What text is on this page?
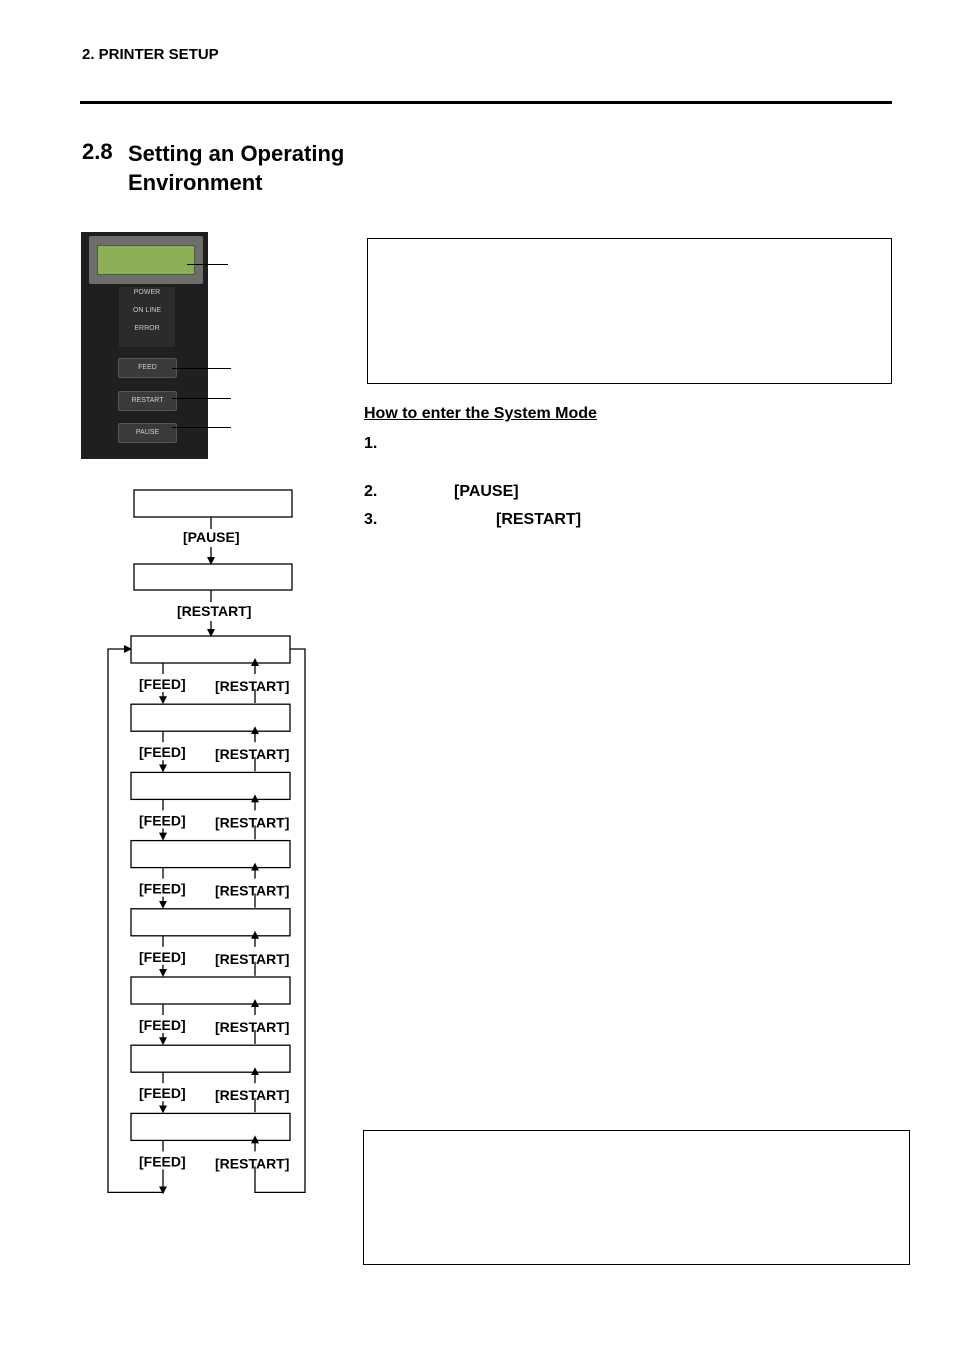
2. PRINTER SETUP
2.8 Setting an Operating
Environment
POWER
ON LINE
ERROR
FEED
RESTART
PAUSE
[PAUSE]
[RESTART]
[FEED] [RESTART]
[FEED] [RESTART]
[FEED] [RESTART]
[FEED] [RESTART]
[FEED] [RESTART]
[FEED] [RESTART]
[FEED] [RESTART]
[FEED] [RESTART]
How to enter the System Mode
1.
2.	[PAUSE]
3.	[RESTART]
